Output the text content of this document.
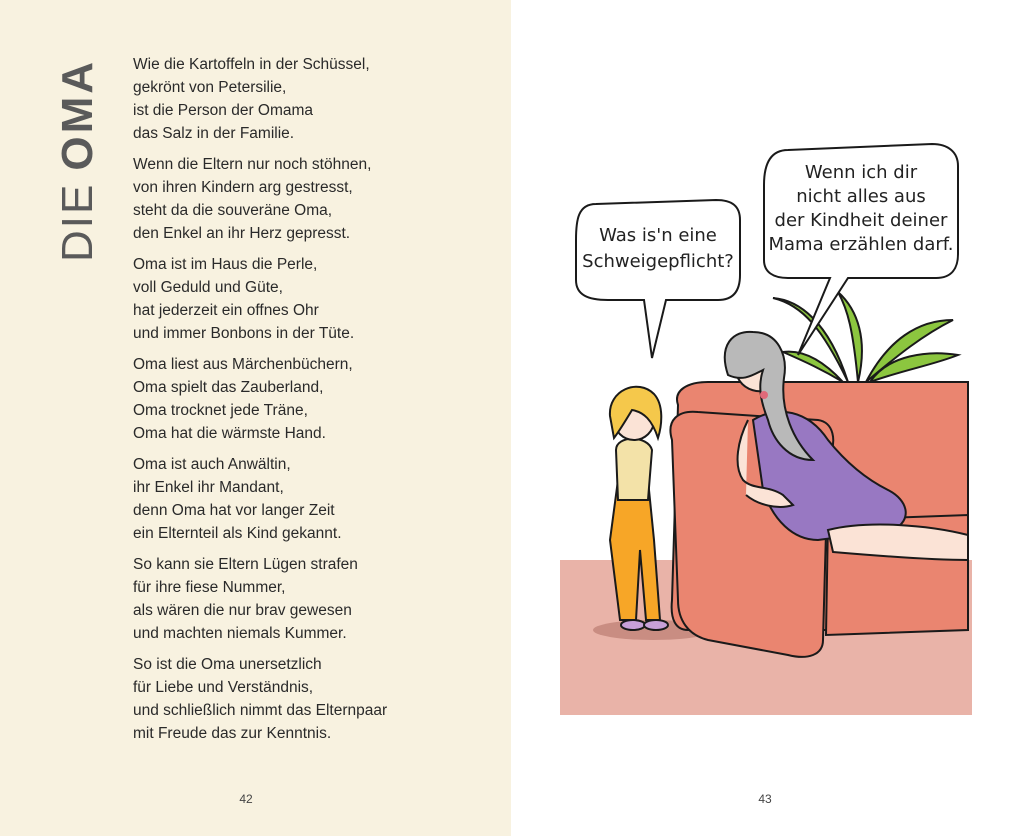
DIEOMA Wie die Kartoffeln in der Schüssel,
gekrönt von Petersilie,
ist die Person der Omama
das Salz in der Familie.
Wenn die Eltern nur noch stöhnen,
von ihren Kindern arg gestresst,
steht da die souveräne Oma,
den Enkel an ihr Herz gepresst.
Oma ist im Haus die Perle,
voll Geduld und Güte,
hat jederzeit ein offnes Ohr
und immer Bonbons in der Tüte.
Oma liest aus Märchenbüchern,
Oma spielt das Zauberland,
Oma trocknet jede Träne,
Oma hat die wärmste Hand.
Oma ist auch Anwältin,
ihr Enkel ihr Mandant,
denn Oma hat vor langer Zeit
ein Elternteil als Kind gekannt.
So kann sie Eltern Lügen strafen
für ihre fiese Nummer,
als wären die nur brav gewesen
und machten niemals Kummer.
So ist die Oma unersetzlich
für Liebe und Verständnis,
und schließlich nimmt das Elternpaar
mit Freude das zur Kenntnis.
42	43
Was is'n eine
Schweigepflicht?
Wenn ich dir
nicht alles aus
der Kindheit deiner
Mama erzählen darf.
